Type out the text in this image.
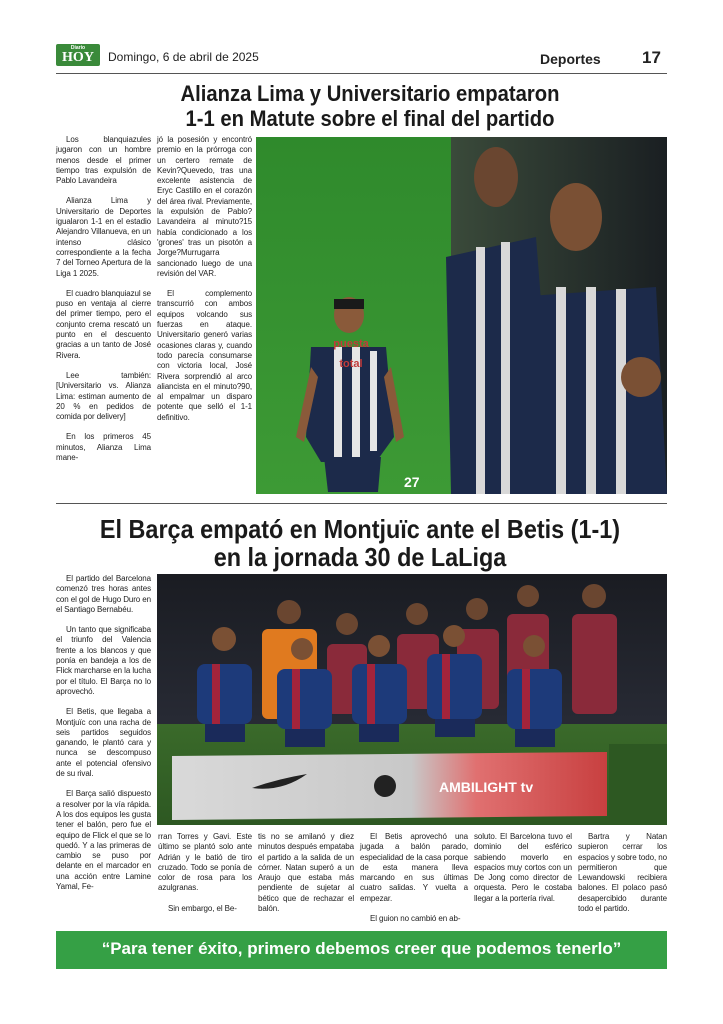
Diario
HOY	Domingo, 6 de abril de 2025	Deportes 17
Alianza Lima y Universitario empataron
1-1 en Matute sobre el final del partido

Los blanquiazules jugaron con un hombre menos desde el primer tiempo tras expulsión de Pablo Lavandeira

Alianza Lima y Universitario de Deportes igualaron 1-1 en el estadio Alejandro Villanueva, en un intenso clásico correspondiente a la fecha 7 del Torneo Apertura de la Liga 1 2025.

El cuadro blanquiazul se puso en ventaja al cierre del primer tiempo, pero el conjunto crema rescató un punto en el descuento gracias a un tanto de José Rivera.

Lee también: [Universitario vs. Alianza Lima: estiman aumento de 20 % en pedidos de comida por delivery]

En los primeros 45 minutos, Alianza Lima mane-

jó la posesión y encontró premio en la prórroga con un certero remate de Kevin?Quevedo, tras una excelente asistencia de Eryc Castillo en el corazón del área rival. Previamente, la expulsión de Pablo?Lavandeira al minuto?15 había condicionado a los 'grones' tras un pisotón a Jorge?Murrugarra sancionado luego de una revisión del VAR.

El complemento transcurrió con ambos equipos volcando sus fuerzas en ataque. Universitario generó varias ocasiones claras y, cuando todo parecía consumarse con victoria local, José Rivera sorprendió al arco aliancista en el minuto?90, al empalmar un disparo potente que selló el 1-1 definitivo.

puesta
total
27
El Barça empató en Montjuïc ante el Betis (1-1)
en la jornada 30 de LaLiga

El partido del Barcelona comenzó tres horas antes con el gol de Hugo Duro en el Santiago Bernabéu.

Un tanto que significaba el triunfo del Valencia frente a los blancos y que ponía en bandeja a los de Flick marcharse en la lucha por el título. El Barça no lo aprovechó.

El Betis, que llegaba a Montjuïc con una racha de seis partidos seguidos ganando, le plantó cara y nunca se descompuso ante el potencial ofensivo de su rival.

El Barça salió dispuesto a resolver por la vía rápida. A los dos equipos les gusta tener el balón, pero fue el equipo de Flick el que se lo quedó. Y a las primeras de cambio se puso por delante en el marcador en una acción entre Lamine Yamal, Fe-

AMBILIGHT tv

rran Torres y Gavi. Este último se plantó solo ante Adrián y le batió de tiro cruzado. Todo se ponía de color de rosa para los azulgranas.

Sin embargo, el Be-

tis no se amilanó y diez minutos después empataba el partido a la salida de un córner. Natan superó a un Araujo que estaba más pendiente de sujetar al bético que de rechazar el balón.

El Betis aprovechó una jugada a balón parado, especialidad de la casa porque de esta manera lleva marcando en sus últimas cuatro salidas. Y vuelta a empezar.

El guion no cambió en ab-

soluto. El Barcelona tuvo el dominio del esférico sabiendo moverlo en espacios muy cortos con un De Jong como director de orquesta. Pero le costaba llegar a la portería rival.

Bartra y Natan supieron cerrar los espacios y sobre todo, no permitieron que Lewandowski recibiera balones. El polaco pasó desapercibido durante todo el partido.

“Para tener éxito, primero debemos creer que podemos tenerlo”
